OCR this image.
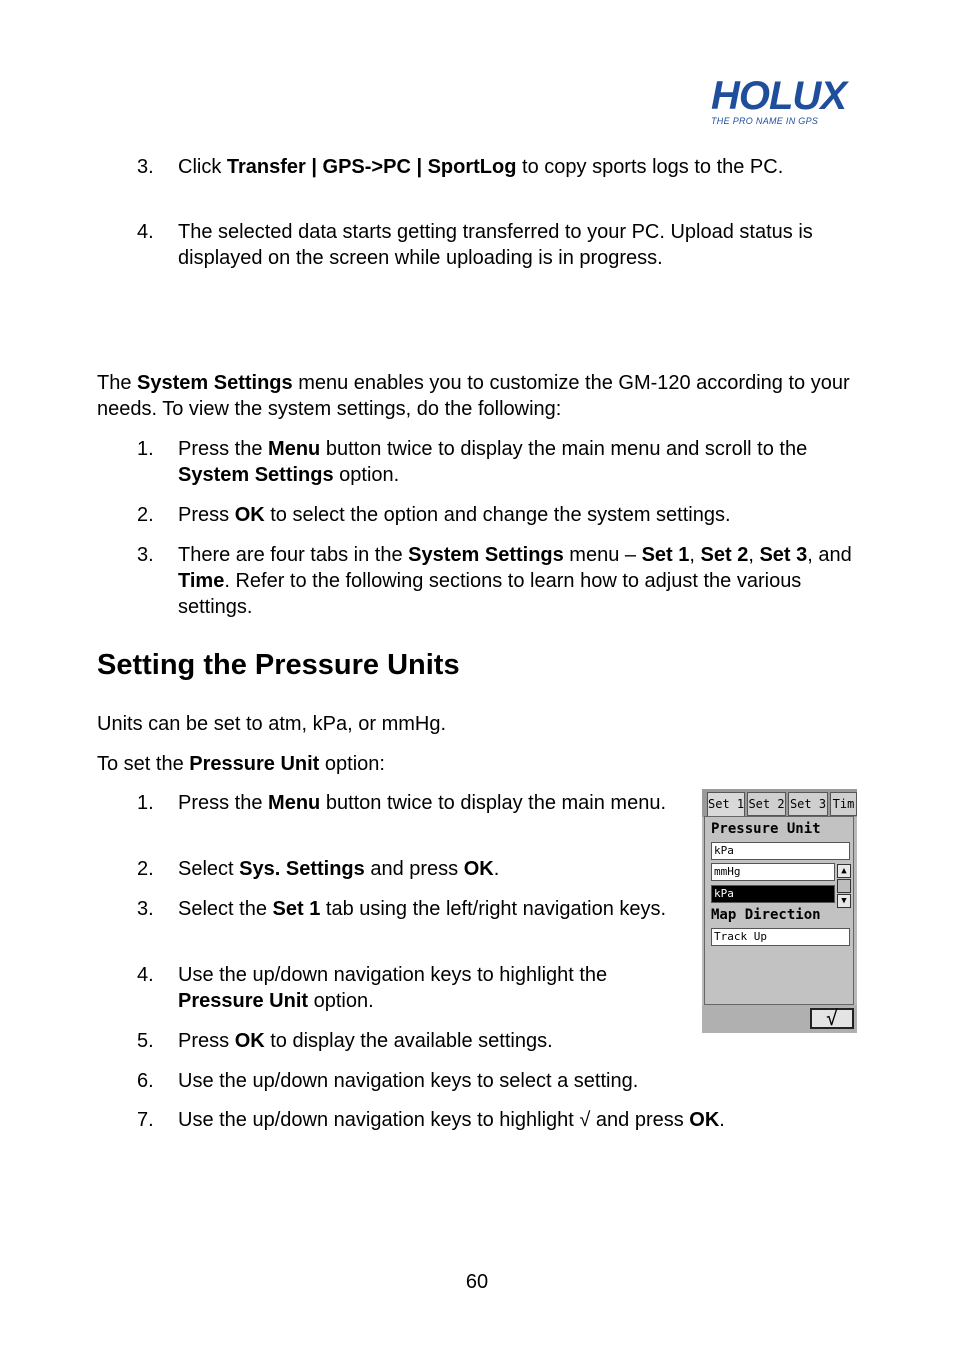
HOLUX
THE PRO NAME IN GPS
3. Click Transfer | GPS->PC | SportLog to copy sports logs to the PC.
4. The selected data starts getting transferred to your PC. Upload status is displayed on the screen while uploading is in progress.

The System Settings menu enables you to customize the GM-120 according to your needs. To view the system settings, do the following:

1. Press the Menu button twice to display the main menu and scroll to the System Settings option.
2. Press OK to select the option and change the system settings.
3. There are four tabs in the System Settings menu – Set 1, Set 2, Set 3, and Time. Refer to the following sections to learn how to adjust the various settings.
Setting the Pressure Units

Units can be set to atm, kPa, or mmHg.

To set the Pressure Unit option:

1. Press the Menu button twice to display the main menu.
2. Select Sys. Settings and press OK.
3. Select the Set 1 tab using the left/right navigation keys.
4. Use the up/down navigation keys to highlight the Pressure Unit option.
5. Press OK to display the available settings.
6. Use the up/down navigation keys to select a setting.
7. Use the up/down navigation keys to highlight √ and press OK.
Set 1 Set 2 Set 3 Tim
Pressure Unit
kPa
mmHg
kPa
▲
▼
Map Direction
Track Up
√
60
